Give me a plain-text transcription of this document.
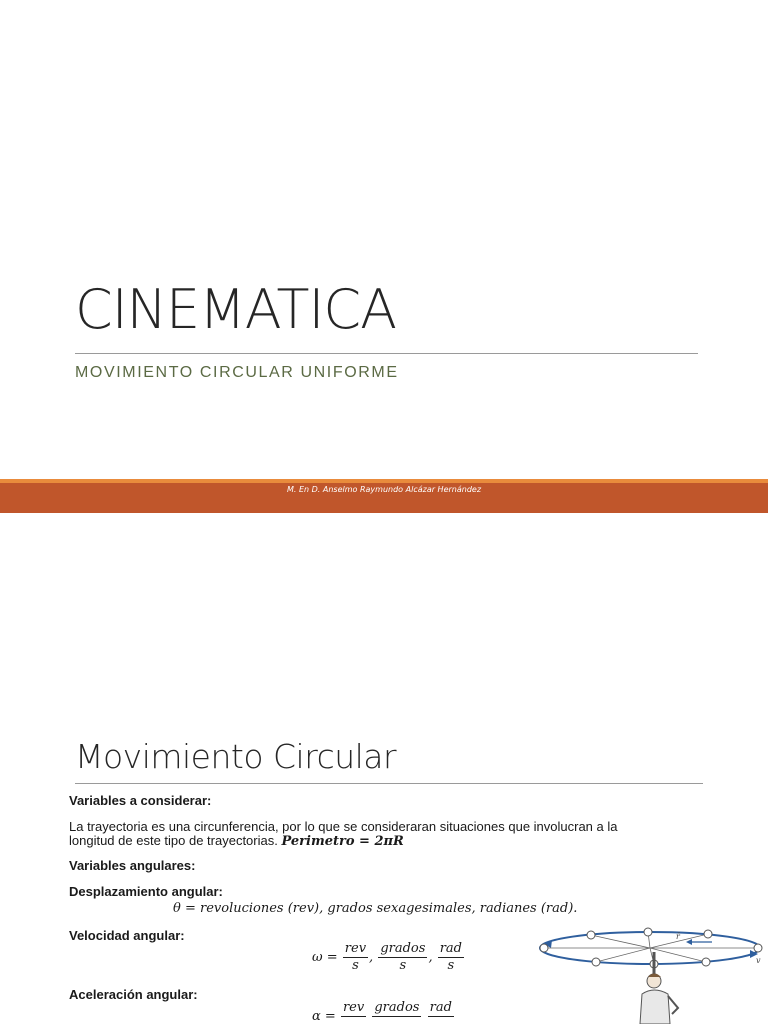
CINEMATICA
MOVIMIENTO CIRCULAR UNIFORME
M. En D. Anselmo Raymundo Alcázar Hernández
Movimiento Circular
Variables a considerar:
La trayectoria es una circunferencia, por lo que se consideraran situaciones que involucran a la
longitud de este tipo de trayectorias. Perimetro = 2πR
Variables angulares:
Desplazamiento angular:
θ = revoluciones (rev), grados sexagesimales, radianes (rad).
Velocidad angular:
$\omega = \frac{\text{rev}}{s}$ , $\frac{\text{grados}}{s}$ , $\frac{\text{rad}}{s}$
Aceleración angular:
α =
rev

grados

rad

r̄
v
